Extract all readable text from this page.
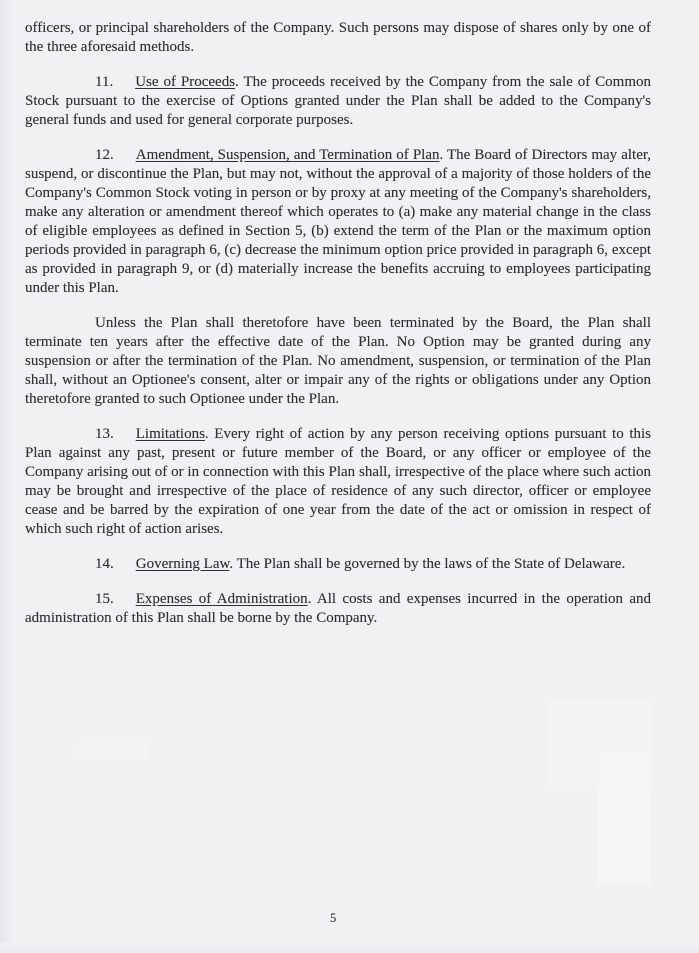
officers, or principal shareholders of the Company. Such persons may dispose of shares only by one of the three aforesaid methods.

11. Use of Proceeds. The proceeds received by the Company from the sale of Common Stock pursuant to the exercise of Options granted under the Plan shall be added to the Company's general funds and used for general corporate purposes.

12. Amendment, Suspension, and Termination of Plan. The Board of Directors may alter, suspend, or discontinue the Plan, but may not, without the approval of a majority of those holders of the Company's Common Stock voting in person or by proxy at any meeting of the Company's shareholders, make any alteration or amendment thereof which operates to (a) make any material change in the class of eligible employees as defined in Section 5, (b) extend the term of the Plan or the maximum option periods provided in paragraph 6, (c) decrease the minimum option price provided in paragraph 6, except as provided in paragraph 9, or (d) materially increase the benefits accruing to employees participating under this Plan.

Unless the Plan shall theretofore have been terminated by the Board, the Plan shall terminate ten years after the effective date of the Plan. No Option may be granted during any suspension or after the termination of the Plan. No amendment, suspension, or termination of the Plan shall, without an Optionee's consent, alter or impair any of the rights or obligations under any Option theretofore granted to such Optionee under the Plan.

13. Limitations. Every right of action by any person receiving options pursuant to this Plan against any past, present or future member of the Board, or any officer or employee of the Company arising out of or in connection with this Plan shall, irrespective of the place where such action may be brought and irrespective of the place of residence of any such director, officer or employee cease and be barred by the expiration of one year from the date of the act or omission in respect of which such right of action arises.

14. Governing Law. The Plan shall be governed by the laws of the State of Delaware.

15. Expenses of Administration. All costs and expenses incurred in the operation and administration of this Plan shall be borne by the Company.

5
